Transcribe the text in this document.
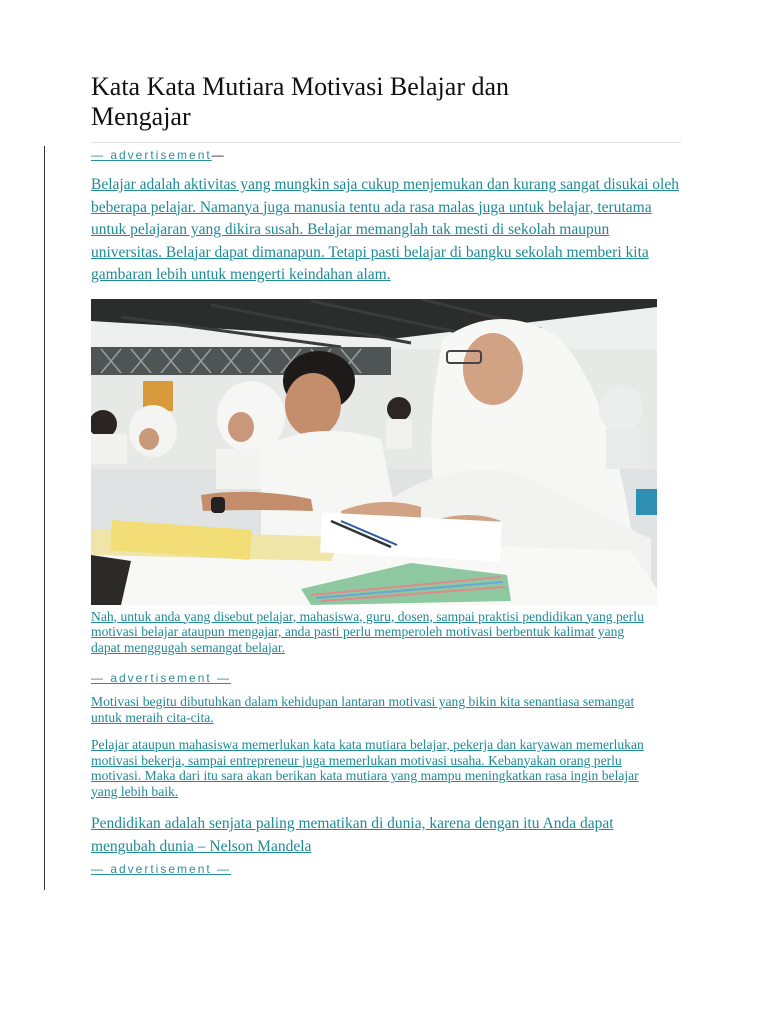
Kata Kata Mutiara Motivasi Belajar dan
Mengajar
— advertisement—

Belajar adalah aktivitas yang mungkin saja cukup menjemukan dan kurang sangat disukai oleh beberapa pelajar. Namanya juga manusia tentu ada rasa malas juga untuk belajar, terutama untuk pelajaran yang dikira susah. Belajar memanglah tak mesti di sekolah maupun universitas. Belajar dapat dimanapun. Tetapi pasti belajar di bangku sekolah memberi kita gambaran lebih untuk mengerti keindahan alam.

Nah, untuk anda yang disebut pelajar, mahasiswa, guru, dosen, sampai praktisi pendidikan yang perlu motivasi belajar ataupun mengajar, anda pasti perlu memperoleh motivasi berbentuk kalimat yang dapat menggugah semangat belajar.

— advertisement —

Motivasi begitu dibutuhkan dalam kehidupan lantaran motivasi yang bikin kita senantiasa semangat untuk meraih cita-cita.

Pelajar ataupun mahasiswa memerlukan kata kata mutiara belajar, pekerja dan karyawan memerlukan motivasi bekerja, sampai entrepreneur juga memerlukan motivasi usaha. Kebanyakan orang perlu motivasi. Maka dari itu sara akan berikan kata mutiara yang mampu meningkatkan rasa ingin belajar yang lebih baik.

Pendidikan adalah senjata paling mematikan di dunia, karena dengan itu Anda dapat mengubah dunia – Nelson Mandela

— advertisement —
